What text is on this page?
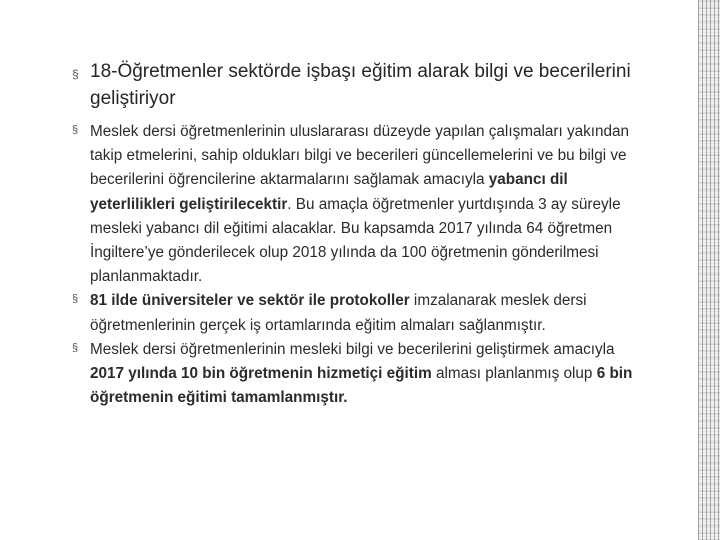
§ 18-Öğretmenler sektörde işbaşı eğitim alarak bilgi ve becerilerini geliştiriyor
§ Meslek dersi öğretmenlerinin uluslararası düzeyde yapılan çalışmaları yakından takip etmelerini, sahip oldukları bilgi ve becerileri güncellemelerini ve bu bilgi ve becerilerini öğrencilerine aktarmalarını sağlamak amacıyla yabancı dil yeterlilikleri geliştirilecektir. Bu amaçla öğretmenler yurtdışında 3 ay süreyle mesleki yabancı dil eğitimi alacaklar. Bu kapsamda 2017 yılında 64 öğretmen İngiltere’ye gönderilecek olup 2018 yılında da 100 öğretmenin gönderilmesi planlanmaktadır.
§ 81 ilde üniversiteler ve sektör ile protokoller imzalanarak meslek dersi öğretmenlerinin gerçek iş ortamlarında eğitim almaları sağlanmıştır.
§ Meslek dersi öğretmenlerinin mesleki bilgi ve becerilerini geliştirmek amacıyla 2017 yılında 10 bin öğretmenin hizmetiçi eğitim alması planlanmış olup 6 bin öğretmenin eğitimi tamamlanmıştır.
